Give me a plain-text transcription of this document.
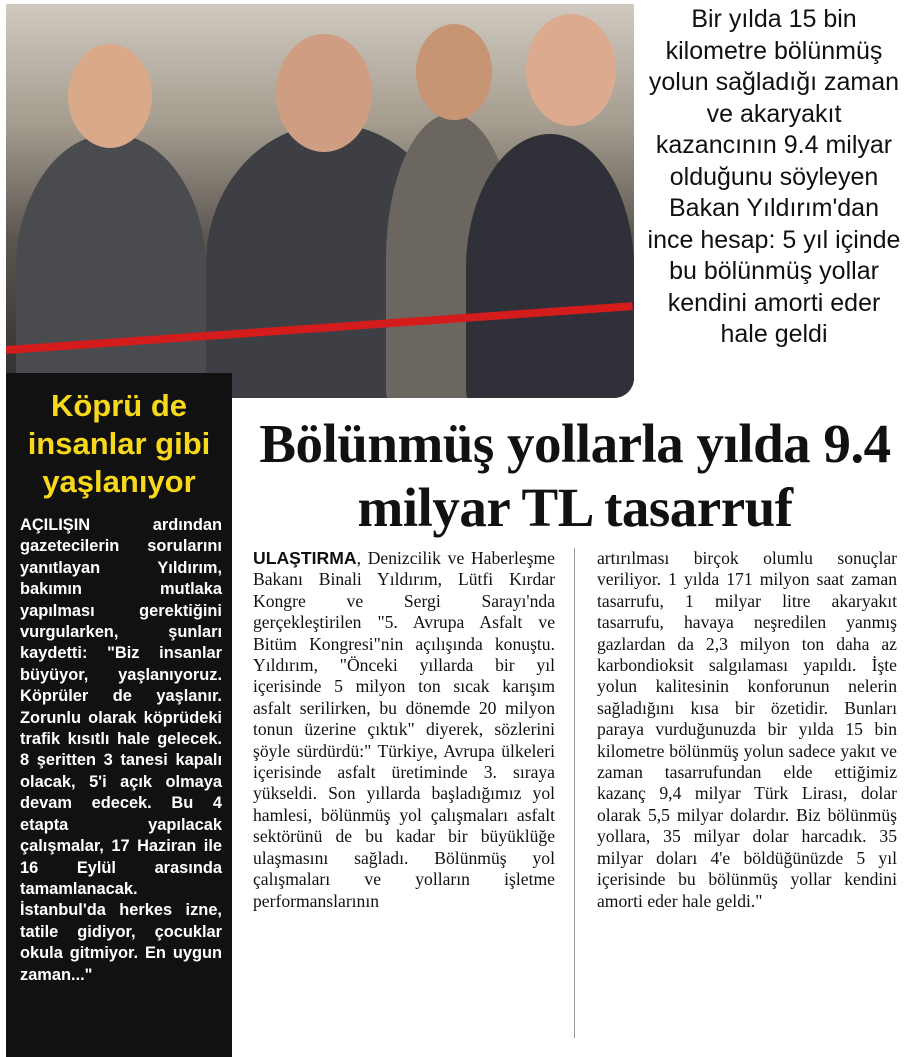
Bir yılda 15 bin kilometre bölünmüş yolun sağladığı zaman ve akaryakıt kazancının 9.4 milyar olduğunu söyleyen Bakan Yıldırım'dan ince hesap: 5 yıl içinde bu bölünmüş yollar kendini amorti eder hale geldi
Köprü de insanlar gibi yaşlanıyor
AÇILIŞIN ardından gazetecilerin sorularını yanıtlayan Yıldırım, bakımın mutlaka yapılması gerektiğini vurgularken, şunları kaydetti: "Biz insanlar büyüyor, yaşlanıyoruz. Köprüler de yaşlanır. Zorunlu olarak köprüdeki trafik kısıtlı hale gelecek. 8 şeritten 3 tanesi kapalı olacak, 5'i açık olmaya devam edecek. Bu 4 etapta yapılacak çalışmalar, 17 Haziran ile 16 Eylül arasında tamamlanacak. İstanbul'da herkes izne, tatile gidiyor, çocuklar okula gitmiyor. En uygun zaman..."
Bölünmüş yollarla yılda 9.4 milyar TL tasarruf
ULAŞTIRMA, Denizcilik ve Haberleşme Bakanı Binali Yıldırım, Lütfi Kırdar Kongre ve Sergi Sarayı'nda gerçekleştirilen "5. Avrupa Asfalt ve Bitüm Kongresi"nin açılışında konuştu. Yıldırım, "Önceki yıllarda bir yıl içerisinde 5 milyon ton sıcak karışım asfalt serilirken, bu dönemde 20 milyon tonun üzerine çıktık" diyerek, sözlerini şöyle sürdürdü:" Türkiye, Avrupa ülkeleri içerisinde asfalt üretiminde 3. sıraya yükseldi. Son yıllarda başladığımız yol hamlesi, bölünmüş yol çalışmaları asfalt sektörünü de bu kadar bir büyüklüğe ulaşmasını sağladı. Bölünmüş yol çalışmaları ve yolların işletme performanslarının
artırılması birçok olumlu sonuçlar veriliyor. 1 yılda 171 milyon saat zaman tasarrufu, 1 milyar litre akaryakıt tasarrufu, havaya neşredilen yanmış gazlardan da 2,3 milyon ton daha az karbondioksit salgılaması yapıldı. İşte yolun kalitesinin konforunun nelerin sağladığını kısa bir özetidir. Bunları paraya vurduğunuzda bir yılda 15 bin kilometre bölünmüş yolun sadece yakıt ve zaman tasarrufundan elde ettiğimiz kazanç 9,4 milyar Türk Lirası, dolar olarak 5,5 milyar dolardır. Biz bölünmüş yollara, 35 milyar dolar harcadık. 35 milyar doları 4'e böldüğünüzde 5 yıl içerisinde bu bölünmüş yollar kendini amorti eder hale geldi."
